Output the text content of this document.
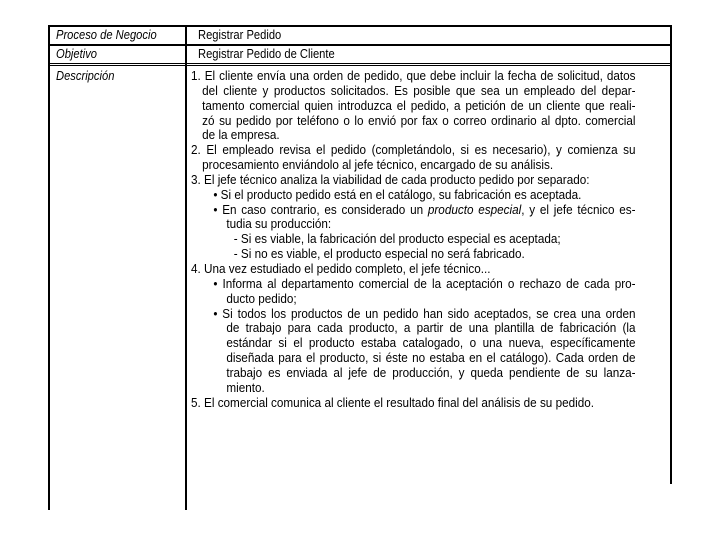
Proceso de Negocio	Registrar Pedido
Objetivo	Registrar Pedido de Cliente
Descripción	1. El cliente envía una orden de pedido, que debe incluir la fecha de solicitud, datos
del cliente y productos solicitados. Es posible que sea un empleado del depar-
tamento comercial quien introduzca el pedido, a petición de un cliente que reali-
zó su pedido por teléfono o lo envió por fax o correo ordinario al dpto. comercial
de la empresa.
2. El empleado revisa el pedido (completándolo, si es necesario), y comienza su
procesamiento enviándolo al jefe técnico, encargado de su análisis.
3. El jefe técnico analiza la viabilidad de cada producto pedido por separado:
• Si el producto pedido está en el catálogo, su fabricación es aceptada.
• En caso contrario, es considerado un producto especial, y el jefe técnico es-
tudia su producción:
- Si es viable, la fabricación del producto especial es aceptada;
- Si no es viable, el producto especial no será fabricado.
4. Una vez estudiado el pedido completo, el jefe técnico...
• Informa al departamento comercial de la aceptación o rechazo de cada pro-
ducto pedido;
• Si todos los productos de un pedido han sido aceptados, se crea una orden
de trabajo para cada producto, a partir de una plantilla de fabricación (la
estándar si el producto estaba catalogado, o una nueva, específicamente
diseñada para el producto, si éste no estaba en el catálogo). Cada orden de
trabajo es enviada al jefe de producción, y queda pendiente de su lanza-
miento.
5. El comercial comunica al cliente el resultado final del análisis de su pedido.
